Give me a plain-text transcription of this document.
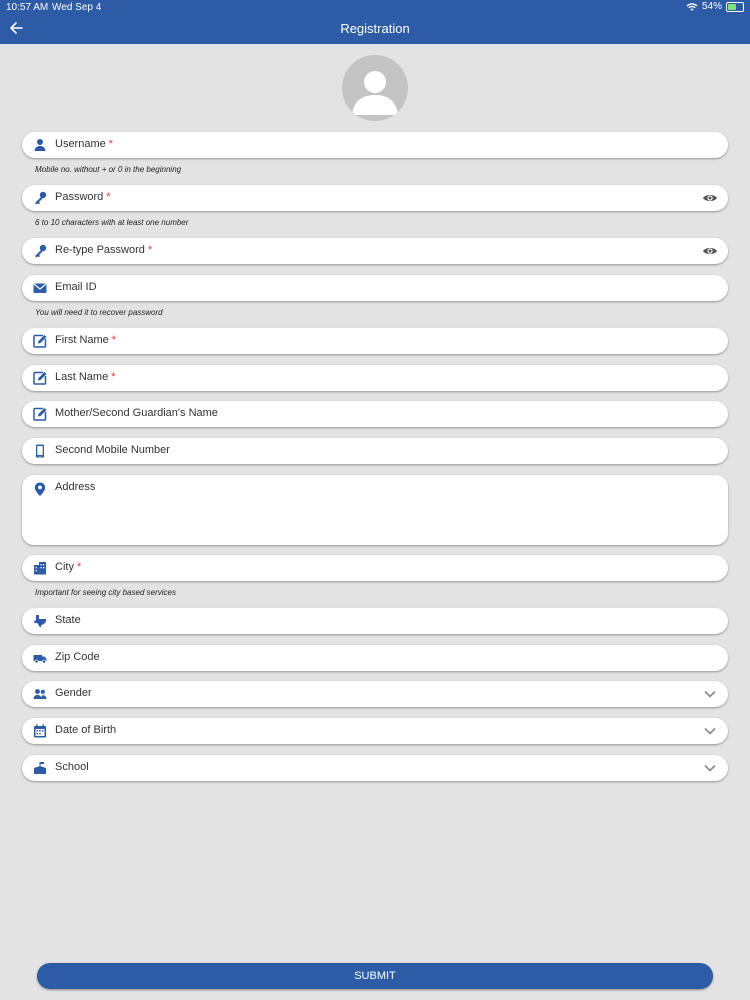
10:57 AM Wed Sep 4	54%
Registration
Username *
Mobile no. without + or 0 in the beginning
Password *
6 to 10 characters with at least one number
Re-type Password *
Email ID
You will need it to recover password
First Name *
Last Name *
Mother/Second Guardian's Name
Second Mobile Number
Address
City *
Important for seeing city based services
State
Zip Code
Gender
Date of Birth
School
SUBMIT
